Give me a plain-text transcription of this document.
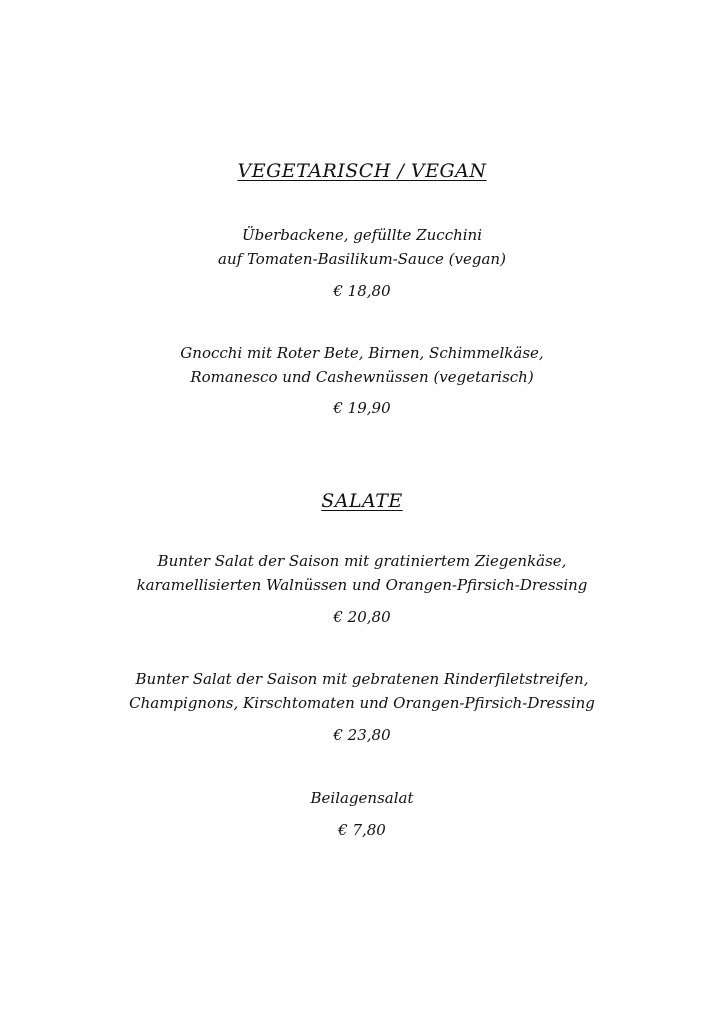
VEGETARISCH / VEGAN
Überbackene, gefüllte Zucchini
auf Tomaten-Basilikum-Sauce (vegan)
€ 18,80
Gnocchi mit Roter Bete, Birnen, Schimmelkäse,
Romanesco und Cashewnüssen (vegetarisch)
€ 19,90
SALATE
Bunter Salat der Saison mit gratiniertem Ziegenkäse,
karamellisierten Walnüssen und Orangen-Pfirsich-Dressing
€ 20,80
Bunter Salat der Saison mit gebratenen Rinderfiletstreifen,
Champignons, Kirschtomaten und Orangen-Pfirsich-Dressing
€ 23,80
Beilagensalat
€ 7,80
